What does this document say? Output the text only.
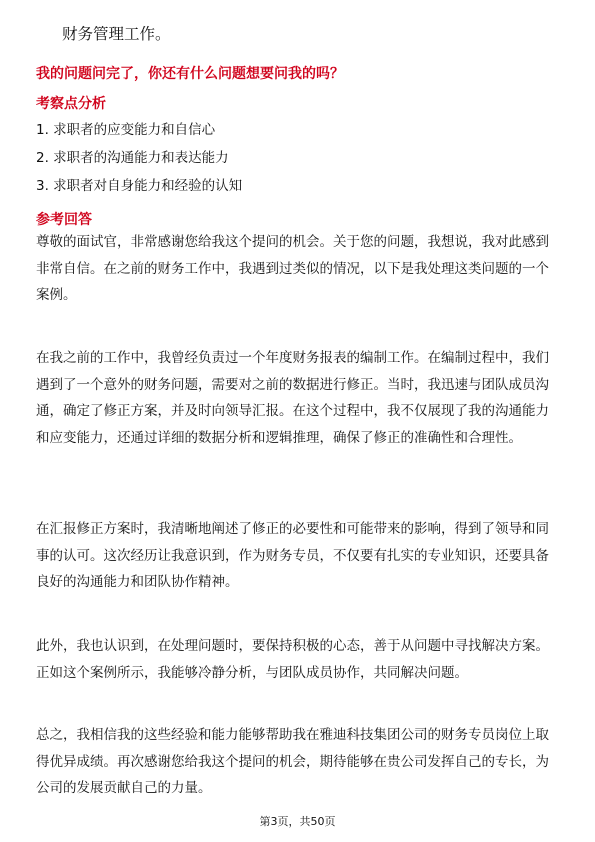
财务管理工作。
我的问题问完了，你还有什么问题想要问我的吗？
考察点分析
1. 求职者的应变能力和自信心
2. 求职者的沟通能力和表达能力
3. 求职者对自身能力和经验的认知
参考回答

尊敬的面试官，非常感谢您给我这个提问的机会。关于您的问题，我想说，我对此感到非常自信。在之前的财务工作中，我遇到过类似的情况，以下是我处理这类问题的一个案例。

在我之前的工作中，我曾经负责过一个年度财务报表的编制工作。在编制过程中，我们遇到了一个意外的财务问题，需要对之前的数据进行修正。当时，我迅速与团队成员沟通，确定了修正方案，并及时向领导汇报。在这个过程中，我不仅展现了我的沟通能力和应变能力，还通过详细的数据分析和逻辑推理，确保了修正的准确性和合理性。

在汇报修正方案时，我清晰地阐述了修正的必要性和可能带来的影响，得到了领导和同事的认可。这次经历让我意识到，作为财务专员，不仅要有扎实的专业知识，还要具备良好的沟通能力和团队协作精神。

此外，我也认识到，在处理问题时，要保持积极的心态，善于从问题中寻找解决方案。正如这个案例所示，我能够冷静分析，与团队成员协作，共同解决问题。

总之，我相信我的这些经验和能力能够帮助我在雅迪科技集团公司的财务专员岗位上取得优异成绩。再次感谢您给我这个提问的机会，期待能够在贵公司发挥自己的专长，为公司的发展贡献自己的力量。

第3页，共50页
